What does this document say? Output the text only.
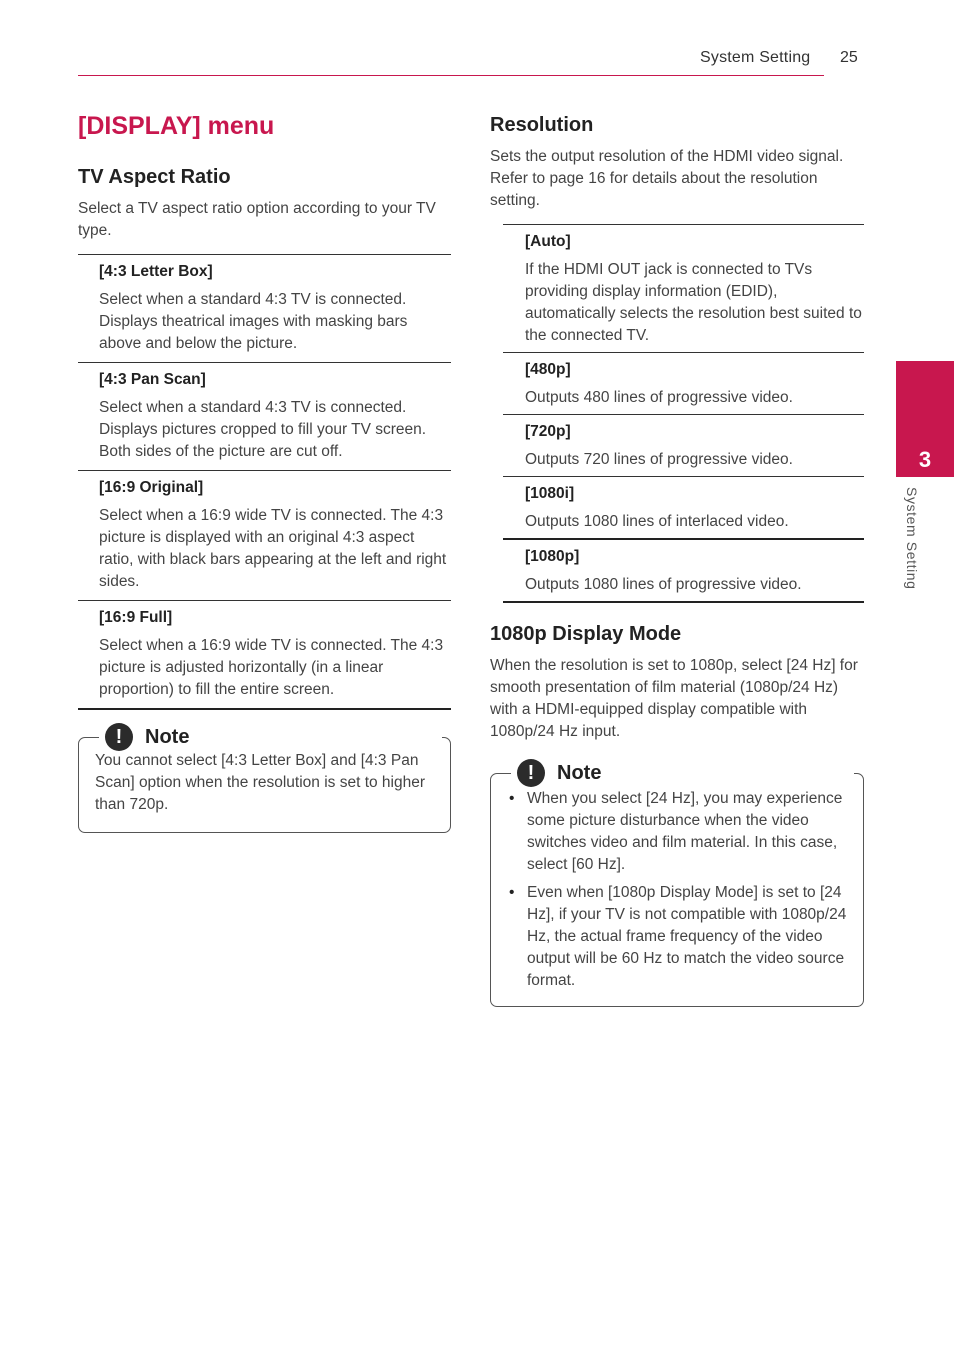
System Setting 25
3
System Setting
[DISPLAY] menu
TV Aspect Ratio

Select a TV aspect ratio option according to your TV type.

[4:3 Letter Box]
Select when a standard 4:3 TV is connected. Displays theatrical images with masking bars above and below the picture.
[4:3 Pan Scan]
Select when a standard 4:3 TV is connected. Displays pictures cropped to fill your TV screen. Both sides of the picture are cut off.
[16:9 Original]
Select when a 16:9 wide TV is connected. The 4:3 picture is displayed with an original 4:3 aspect ratio, with black bars appearing at the left and right sides.
[16:9 Full]
Select when a 16:9 wide TV is connected. The 4:3 picture is adjusted horizontally (in a linear proportion) to fill the entire screen.
!	Note

You cannot select [4:3 Letter Box] and [4:3 Pan Scan] option when the resolution is set to higher than 720p.

Resolution

Sets the output resolution of the HDMI video signal. Refer to page 16 for details about the resolution setting.

[Auto]
If the HDMI OUT jack is connected to TVs providing display information (EDID), automatically selects the resolution best suited to the connected TV.
[480p]
Outputs 480 lines of progressive video.
[720p]
Outputs 720 lines of progressive video.
[1080i]
Outputs 1080 lines of interlaced video.
[1080p]
Outputs 1080 lines of progressive video.
1080p Display Mode

When the resolution is set to 1080p, select [24 Hz] for smooth presentation of film material (1080p/24 Hz) with a HDMI-equipped display compatible with 1080p/24 Hz input.

!	Note
• When you select [24 Hz], you may experience some picture disturbance when the video switches video and film material. In this case, select [60 Hz].
• Even when [1080p Display Mode] is set to [24 Hz], if your TV is not compatible with 1080p/24 Hz, the actual frame frequency of the video output will be 60 Hz to match the video source format.
